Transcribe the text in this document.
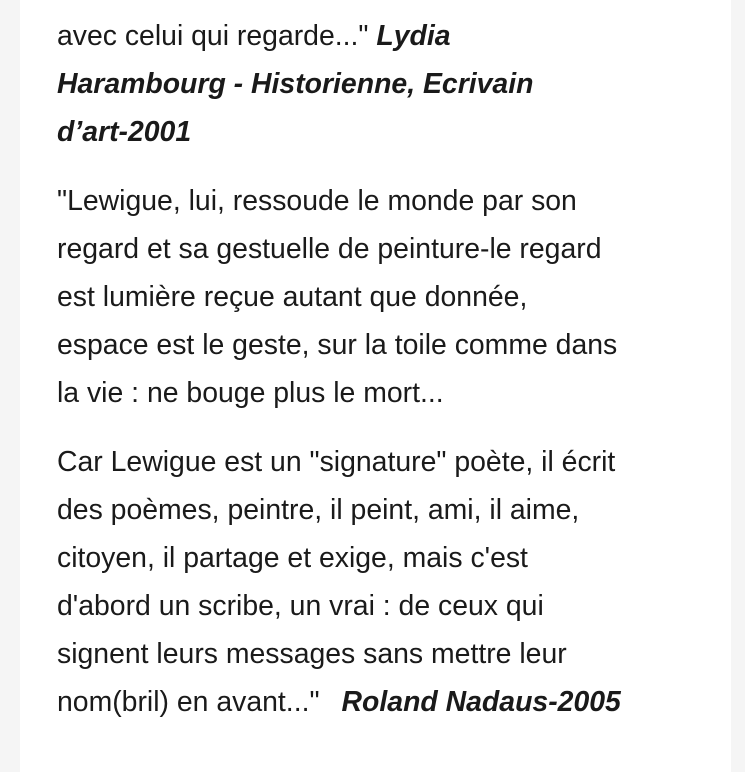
avec celui qui regarde..." Lydia
Harambourg - Historienne, Ecrivain
d’art-2001

"Lewigue, lui, ressoude le monde par son
regard et sa gestuelle de peinture-le regard
est lumière reçue autant que donnée,
espace est le geste, sur la toile comme dans
la vie : ne bouge plus le mort...

Car Lewigue est un "signature" poète, il écrit
des poèmes, peintre, il peint, ami, il aime,
citoyen, il partage et exige, mais c'est
d'abord un scribe, un vrai : de ceux qui
signent leurs messages sans mettre leur
nom(bril) en avant..." Roland Nadaus-2005
